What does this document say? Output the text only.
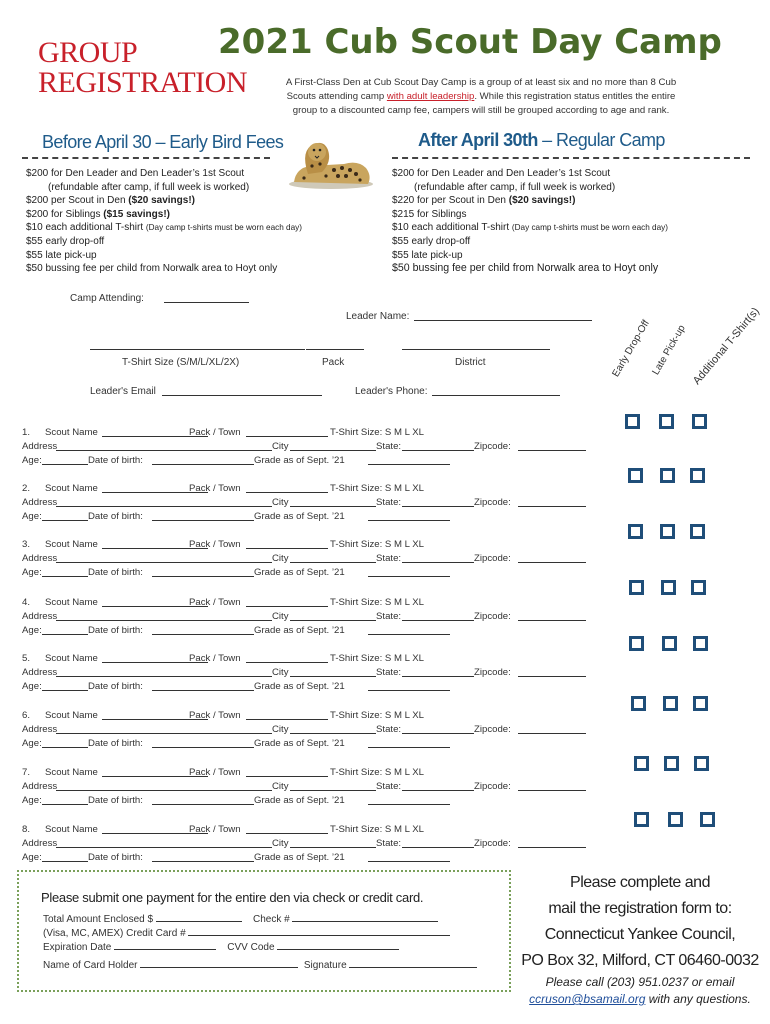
GROUP
REGISTRATION
2021 Cub Scout Day Camp
A First-Class Den at Cub Scout Day Camp is a group of at least six and no more than 8 Cub Scouts attending camp with adult leadership. While this registration status entitles the entire group to a discounted camp fee, campers will still be grouped according to age and rank.
Before April 30 – Early Bird Fees
$200 for Den Leader and Den Leader’s 1st Scout
(refundable after camp, if full week is worked)
$200 per Scout in Den ($20 savings!)
$200 for Siblings ($15 savings!)
$10 each additional T-shirt (Day camp t-shirts must be worn each day)
$55 early drop-off
$55 late pick-up
$50 bussing fee per child from Norwalk area to Hoyt only
After April 30th – Regular Camp
$200 for Den Leader and Den Leader’s 1st Scout
(refundable after camp, if full week is worked)
$220 for per Scout in Den ($20 savings!)
$215 for Siblings
$10 each additional T-shirt (Day camp t-shirts must be worn each day)
$55 early drop-off
$55 late pick-up
$50 bussing fee per child from Norwalk area to Hoyt only
Camp Attending:
Leader Name:
T-Shirt Size (S/M/L/XL/2X)	Pack	District
Leader's Email	Leader's Phone:
Early Drop-Off
Late Pick-up Additional T-Shirt(s)
1. Scout Name	Pack / Town	T-Shirt Size: S M L XL
Address	City	State:	Zipcode:
Age:	Date of birth:	Grade as of Sept. ’21
2. Scout Name	Pack / Town	T-Shirt Size: S M L XL
Address	City	State:	Zipcode:
Age:	Date of birth:	Grade as of Sept. ’21
3. Scout Name	Pack / Town	T-Shirt Size: S M L XL
Address	City	State:	Zipcode:
Age:	Date of birth:	Grade as of Sept. ’21
4. Scout Name	Pack / Town	T-Shirt Size: S M L XL
Address	City	State:	Zipcode:
Age:	Date of birth:	Grade as of Sept. ’21
5. Scout Name	Pack / Town	T-Shirt Size: S M L XL
Address	City	State:	Zipcode:
Age:	Date of birth:	Grade as of Sept. ’21
6. Scout Name	Pack / Town	T-Shirt Size: S M L XL
Address	City	State:	Zipcode:
Age:	Date of birth:	Grade as of Sept. ’21
7. Scout Name	Pack / Town	T-Shirt Size: S M L XL
Address	City	State:	Zipcode:
Age:	Date of birth:	Grade as of Sept. ’21
8. Scout Name	Pack / Town	T-Shirt Size: S M L XL
Address	City	State:	Zipcode:
Age:	Date of birth:	Grade as of Sept. ’21
Please submit one payment for the entire den via check or credit card.
Total Amount Enclosed $	Check #
(Visa, MC, AMEX) Credit Card #
Expiration Date	CVV Code
Name of Card Holder	Signature
Please complete and
mail the registration form to:
Connecticut Yankee Council,
PO Box 32, Milford, CT 06460-0032
Please call (203) 951.0237 or email
ccruson@bsamail.org with any questions.
